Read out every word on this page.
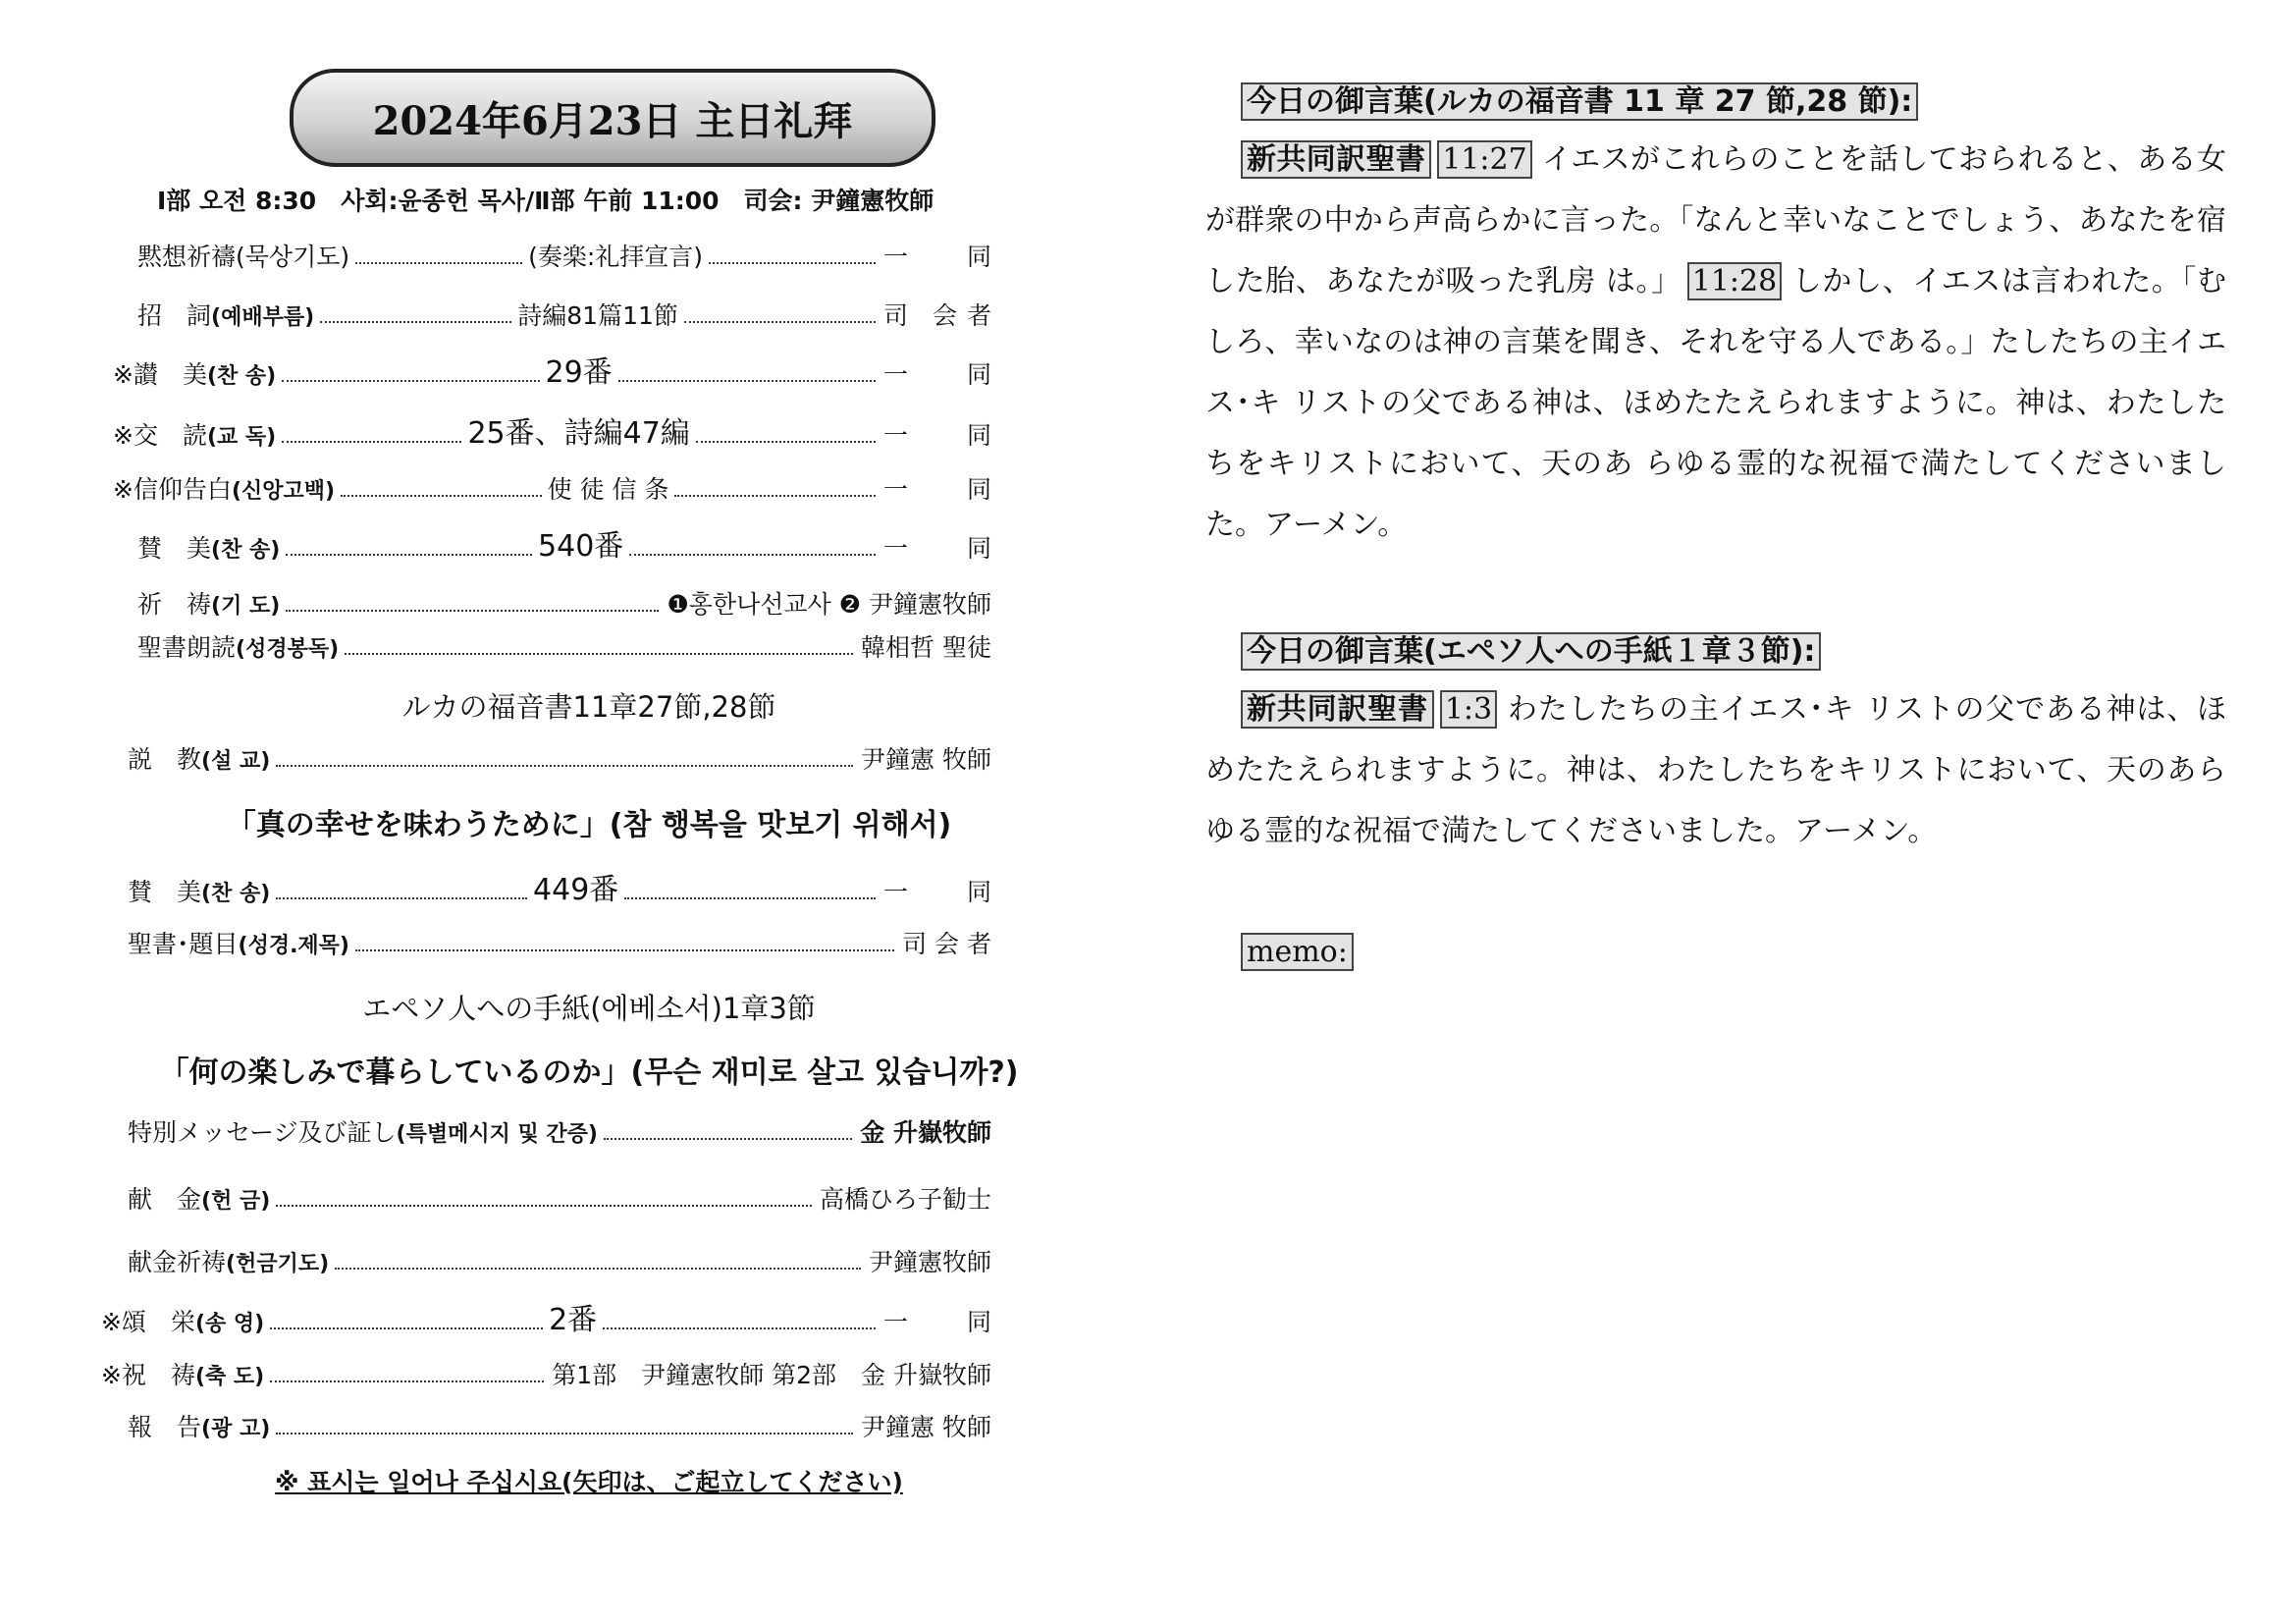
2024年6月23日 主日礼拜
Ⅰ部 오전 8:30　사회:윤종헌 목사/Ⅱ部 午前 11:00　司会: 尹鐘憲牧師
黙想祈禱(묵상기도)	(奏楽:礼拝宣言)	一 同
招　詞(예배부름)	詩編81篇11節	司　会 者
※讃　美(찬 송)	29番	一 同
※交　読(교 독)	25番、詩編47編	一 同
※信仰告白(신앙고백)	使 徒 信 条	一 同
賛　美(찬 송)	540番	一 同
祈　祷(기 도)	❶홍한나선교사 ❷ 尹鐘憲牧師
聖書朗読(성경봉독)	韓相哲 聖徒
ルカの福音書11章27節,28節
説　教(설 교)	尹鐘憲 牧師
「真の幸せを味わうために」(참 행복을 맛보기 위해서)
賛　美(찬 송)	449番	一 同
聖書･題目(성경.제목)	司 会 者
エペソ人への手紙(에베소서)1章3節
「何の楽しみで暮らしているのか」(무슨 재미로 살고 있습니까?)
特別メッセージ及び証し(특별메시지 및 간증)	金 升嶽牧師
献　金(헌 금)	高橋ひろ子勧士
献金祈祷(헌금기도)	尹鐘憲牧師
※頌　栄(송 영)	2番	一 同
※祝　祷(축 도)	第1部　尹鐘憲牧師 第2部　金 升嶽牧師
報　告(광 고)	尹鐘憲 牧師
※ 표시는 일어나 주십시요(矢印は、ご起立してください)
今日の御言葉(ルカの福音書 11 章 27 節,28 節):
新共同訳聖書 11:27 イエスがこれらのことを話しておられると、ある女が群衆の中から声高らかに言った。「なんと幸いなことでしょう、あなたを宿した胎、あなたが吸った乳房 は。」 11:28 しかし、イエスは言われた。「むしろ、幸いなのは神の言葉を聞き、それを守る人である。」たしたちの主イエス･キ リストの父である神は、ほめたたえられますように。神は、わたしたちをキリストにおいて、天のあ らゆる霊的な祝福で満たしてくださいました。アーメン。
今日の御言葉(エペソ人への手紙１章３節):
新共同訳聖書 1:3 わたしたちの主イエス･キ リストの父である神は、ほめたたえられますように。神は、わたしたちをキリストにおいて、天のあらゆる霊的な祝福で満たしてくださいました。アーメン。
memo:
